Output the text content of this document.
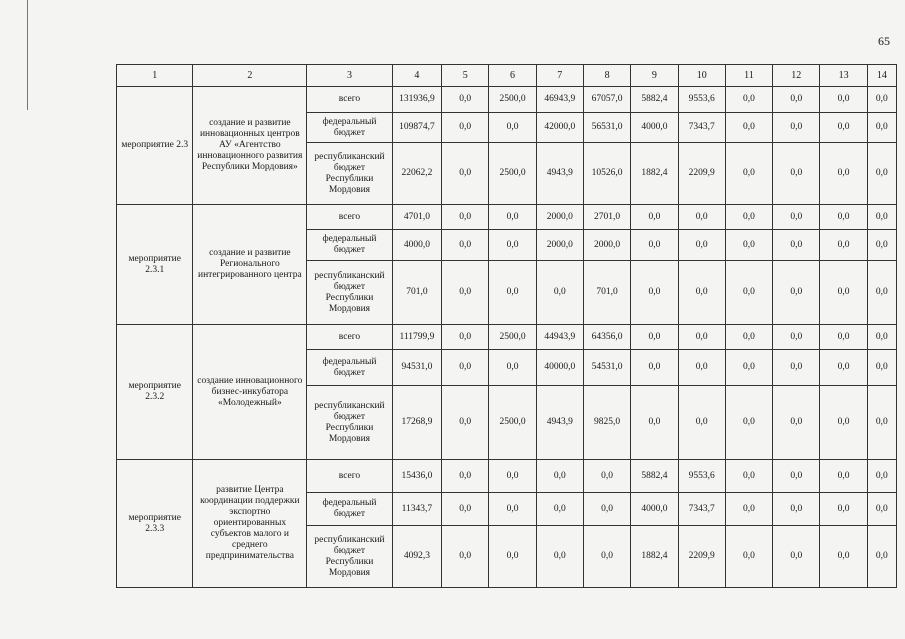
65
1	2	3	4	5	6	7	8	9	10	11	12	13	14
мероприятие 2.3	создание и развитие инновационных центров АУ «Агентство инновационного развития Республики Мордовия»	всего	131936,9	0,0	2500,0	46943,9	67057,0	5882,4	9553,6	0,0	0,0	0,0	0,0
		федеральный бюджет	109874,7	0,0	0,0	42000,0	56531,0	4000,0	7343,7	0,0	0,0	0,0	0,0
		республиканский бюджет Республики Мордовия	22062,2	0,0	2500,0	4943,9	10526,0	1882,4	2209,9	0,0	0,0	0,0	0,0
мероприятие 2.3.1	создание и развитие Регионального интегрированного центра	всего	4701,0	0,0	0,0	2000,0	2701,0	0,0	0,0	0,0	0,0	0,0	0,0
		федеральный бюджет	4000,0	0,0	0,0	2000,0	2000,0	0,0	0,0	0,0	0,0	0,0	0,0
		республиканский бюджет Республики Мордовия	701,0	0,0	0,0	0,0	701,0	0,0	0,0	0,0	0,0	0,0	0,0
мероприятие 2.3.2	создание инновационного бизнес-инкубатора «Молодежный»	всего	111799,9	0,0	2500,0	44943,9	64356,0	0,0	0,0	0,0	0,0	0,0	0,0
		федеральный бюджет	94531,0	0,0	0,0	40000,0	54531,0	0,0	0,0	0,0	0,0	0,0	0,0
		республиканский бюджет Республики Мордовия	17268,9	0,0	2500,0	4943,9	9825,0	0,0	0,0	0,0	0,0	0,0	0,0
мероприятие 2.3.3	развитие Центра координации поддержки экспортно ориентированных субъектов малого и среднего предпринимательства	всего	15436,0	0,0	0,0	0,0	0,0	5882,4	9553,6	0,0	0,0	0,0	0,0
		федеральный бюджет	11343,7	0,0	0,0	0,0	0,0	4000,0	7343,7	0,0	0,0	0,0	0,0
		республиканский бюджет Республики Мордовия	4092,3	0,0	0,0	0,0	0,0	1882,4	2209,9	0,0	0,0	0,0	0,0
